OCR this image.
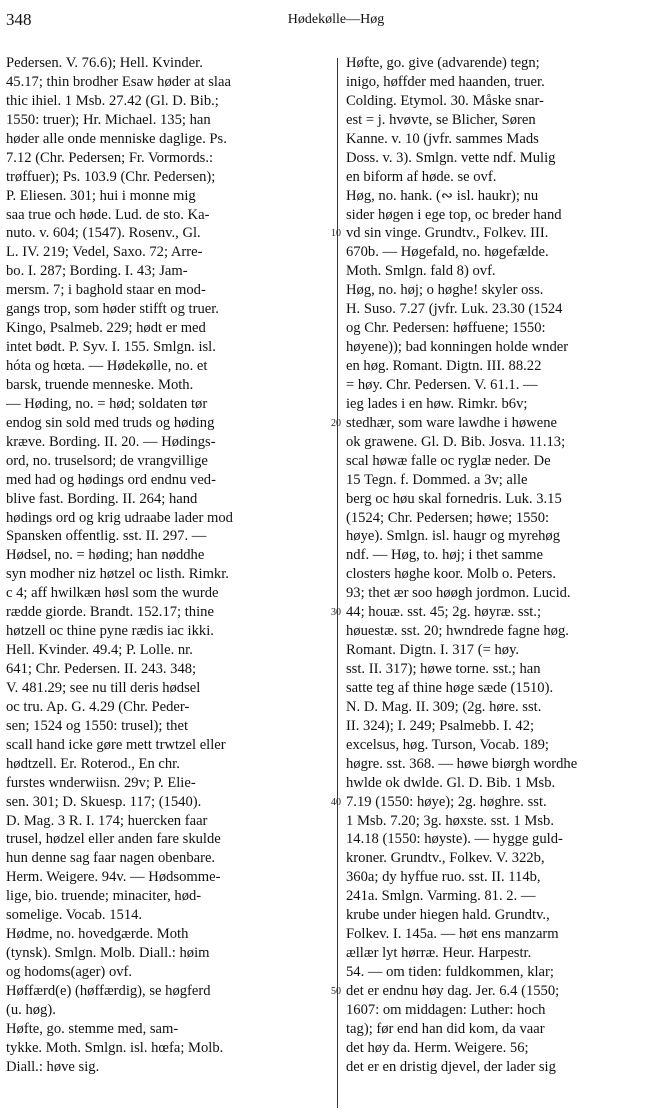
348	Hødekølle—Høg
Pedersen. V. 76.6); Hell. Kvinder.
45.17; thin brodher Esaw høder at slaa
thic ihiel. 1 Msb. 27.42 (Gl. D. Bib.;
1550: truer); Hr. Michael. 135; han
høder alle onde menniske daglige. Ps.
7.12 (Chr. Pedersen; Fr. Vormords.:
trøffuer); Ps. 103.9 (Chr. Pedersen);
P. Eliesen. 301; hui i monne mig
saa true och høde. Lud. de sto. Ka-
nuto. v. 604; (1547). Rosenv., Gl.
L. IV. 219; Vedel, Saxo. 72; Arre-
bo. I. 287; Bording. I. 43; Jam-
mersm. 7; i baghold staar en mod-
gangs trop, som høder stifft og truer.
Kingo, Psalmeb. 229; hødt er med
intet bødt. P. Syv. I. 155. Smlgn. isl.
hóta og hœta. — Hødekølle, no. et
barsk, truende menneske. Moth.
— Høding, no. = hød; soldaten tør
endog sin sold med truds og høding
kræve. Bording. II. 20. — Hødings-
ord, no. truselsord; de vrangvillige
med had og hødings ord endnu ved-
blive fast. Bording. II. 264; hand
hødings ord og krig udraabe lader mod
Spansken offentlig. sst. II. 297. —
Hødsel, no. = høding; han nøddhe
syn modher niz høtzel oc listh. Rimkr.
c 4; aff hwilkæn høsl som the wurde
rædde giorde. Brandt. 152.17; thine
høtzell oc thine pyne rædis iac ikki.
Hell. Kvinder. 49.4; P. Lolle. nr.
641; Chr. Pedersen. II. 243. 348;
V. 481.29; see nu till deris hødsel
oc tru. Ap. G. 4.29 (Chr. Peder-
sen; 1524 og 1550: trusel); thet
scall hand icke gøre mett trwtzel eller
hødtzell. Er. Roterod., En chr.
furstes wnderwiisn. 29v; P. Elie-
sen. 301; D. Skuesp. 117; (1540).
D. Mag. 3 R. I. 174; huercken faar
trusel, hødzel eller anden fare skulde
hun denne sag faar nagen obenbare.
Herm. Weigere. 94v. — Hødsomme-
lige, bio. truende; minaciter, hød-
somelige. Vocab. 1514.
Hødme, no. hovedgærde. Moth
(tynsk). Smlgn. Molb. Diall.: høim
og hodoms(ager) ovf.
Høffærd(e) (høffærdig), se høgferd
(u. høg).
Høfte, go. stemme med, sam-
tykke. Moth. Smlgn. isl. hœfa; Molb.
Diall.: høve sig.
Høfte, go. give (advarende) tegn;
inigo, høffder med haanden, truer.
Colding. Etymol. 30. Måske snar-
est = j. hvøvte, se Blicher, Søren
Kanne. v. 10 (jvfr. sammes Mads
Doss. v. 3). Smlgn. vette ndf. Mulig
en biform af høde. se ovf.
Høg, no. hank. (∾ isl. haukr); nu
sider høgen i ege top, oc breder hand
vd sin vinge. Grundtv., Folkev. III.
670b. — Høgefald, no. høgefælde.
Moth. Smlgn. fald 8) ovf.
Høg, no. høj; o høghe! skyler oss.
H. Suso. 7.27 (jvfr. Luk. 23.30 (1524
og Chr. Pedersen: høffuene; 1550:
høyene)); bad konningen holde wnder
en høg. Romant. Digtn. III. 88.22
= høy. Chr. Pedersen. V. 61.1. —
ieg lades i en høw. Rimkr. b6v;
stedhær, som ware lawdhe i høwene
ok grawene. Gl. D. Bib. Josva. 11.13;
scal høwæ falle oc ryglæ neder. De
15 Tegn. f. Dommed. a 3v; alle
berg oc høu skal fornedris. Luk. 3.15
(1524; Chr. Pedersen; høwe; 1550:
høye). Smlgn. isl. haugr og myrehøg
ndf. — Høg, to. høj; i thet samme
closters høghe koor. Molb o. Peters.
93; thet ær soo høøgh jordmon. Lucid.
44; houæ. sst. 45; 2g. høyræ. sst.;
høuestæ. sst. 20; hwndrede fagne høg.
Romant. Digtn. I. 317 (= høy.
sst. II. 317); høwe torne. sst.; han
satte teg af thine høge sæde (1510).
N. D. Mag. II. 309; (2g. høre. sst.
II. 324); I. 249; Psalmebb. I. 42;
excelsus, høg. Turson, Vocab. 189;
høgre. sst. 368. — høwe biørgh wordhe
hwlde ok dwlde. Gl. D. Bib. 1 Msb.
7.19 (1550: høye); 2g. høghre. sst.
1 Msb. 7.20; 3g. høxste. sst. 1 Msb.
14.18 (1550: høyste). — hygge guld-
kroner. Grundtv., Folkev. V. 322b,
360a; dy hyffue ruo. sst. II. 114b,
241a. Smlgn. Varming. 81. 2. —
krube under hiegen hald. Grundtv.,
Folkev. I. 145a. — høt ens manzarm
ællær lyt hørræ. Heur. Harpestr.
54. — om tiden: fuldkommen, klar;
det er endnu høy dag. Jer. 6.4 (1550;
1607: om middagen: Luther: hoch
tag); før end han did kom, da vaar
det høy da. Herm. Weigere. 56;
det er en dristig djevel, der lader sig
10
20
30
40
50
